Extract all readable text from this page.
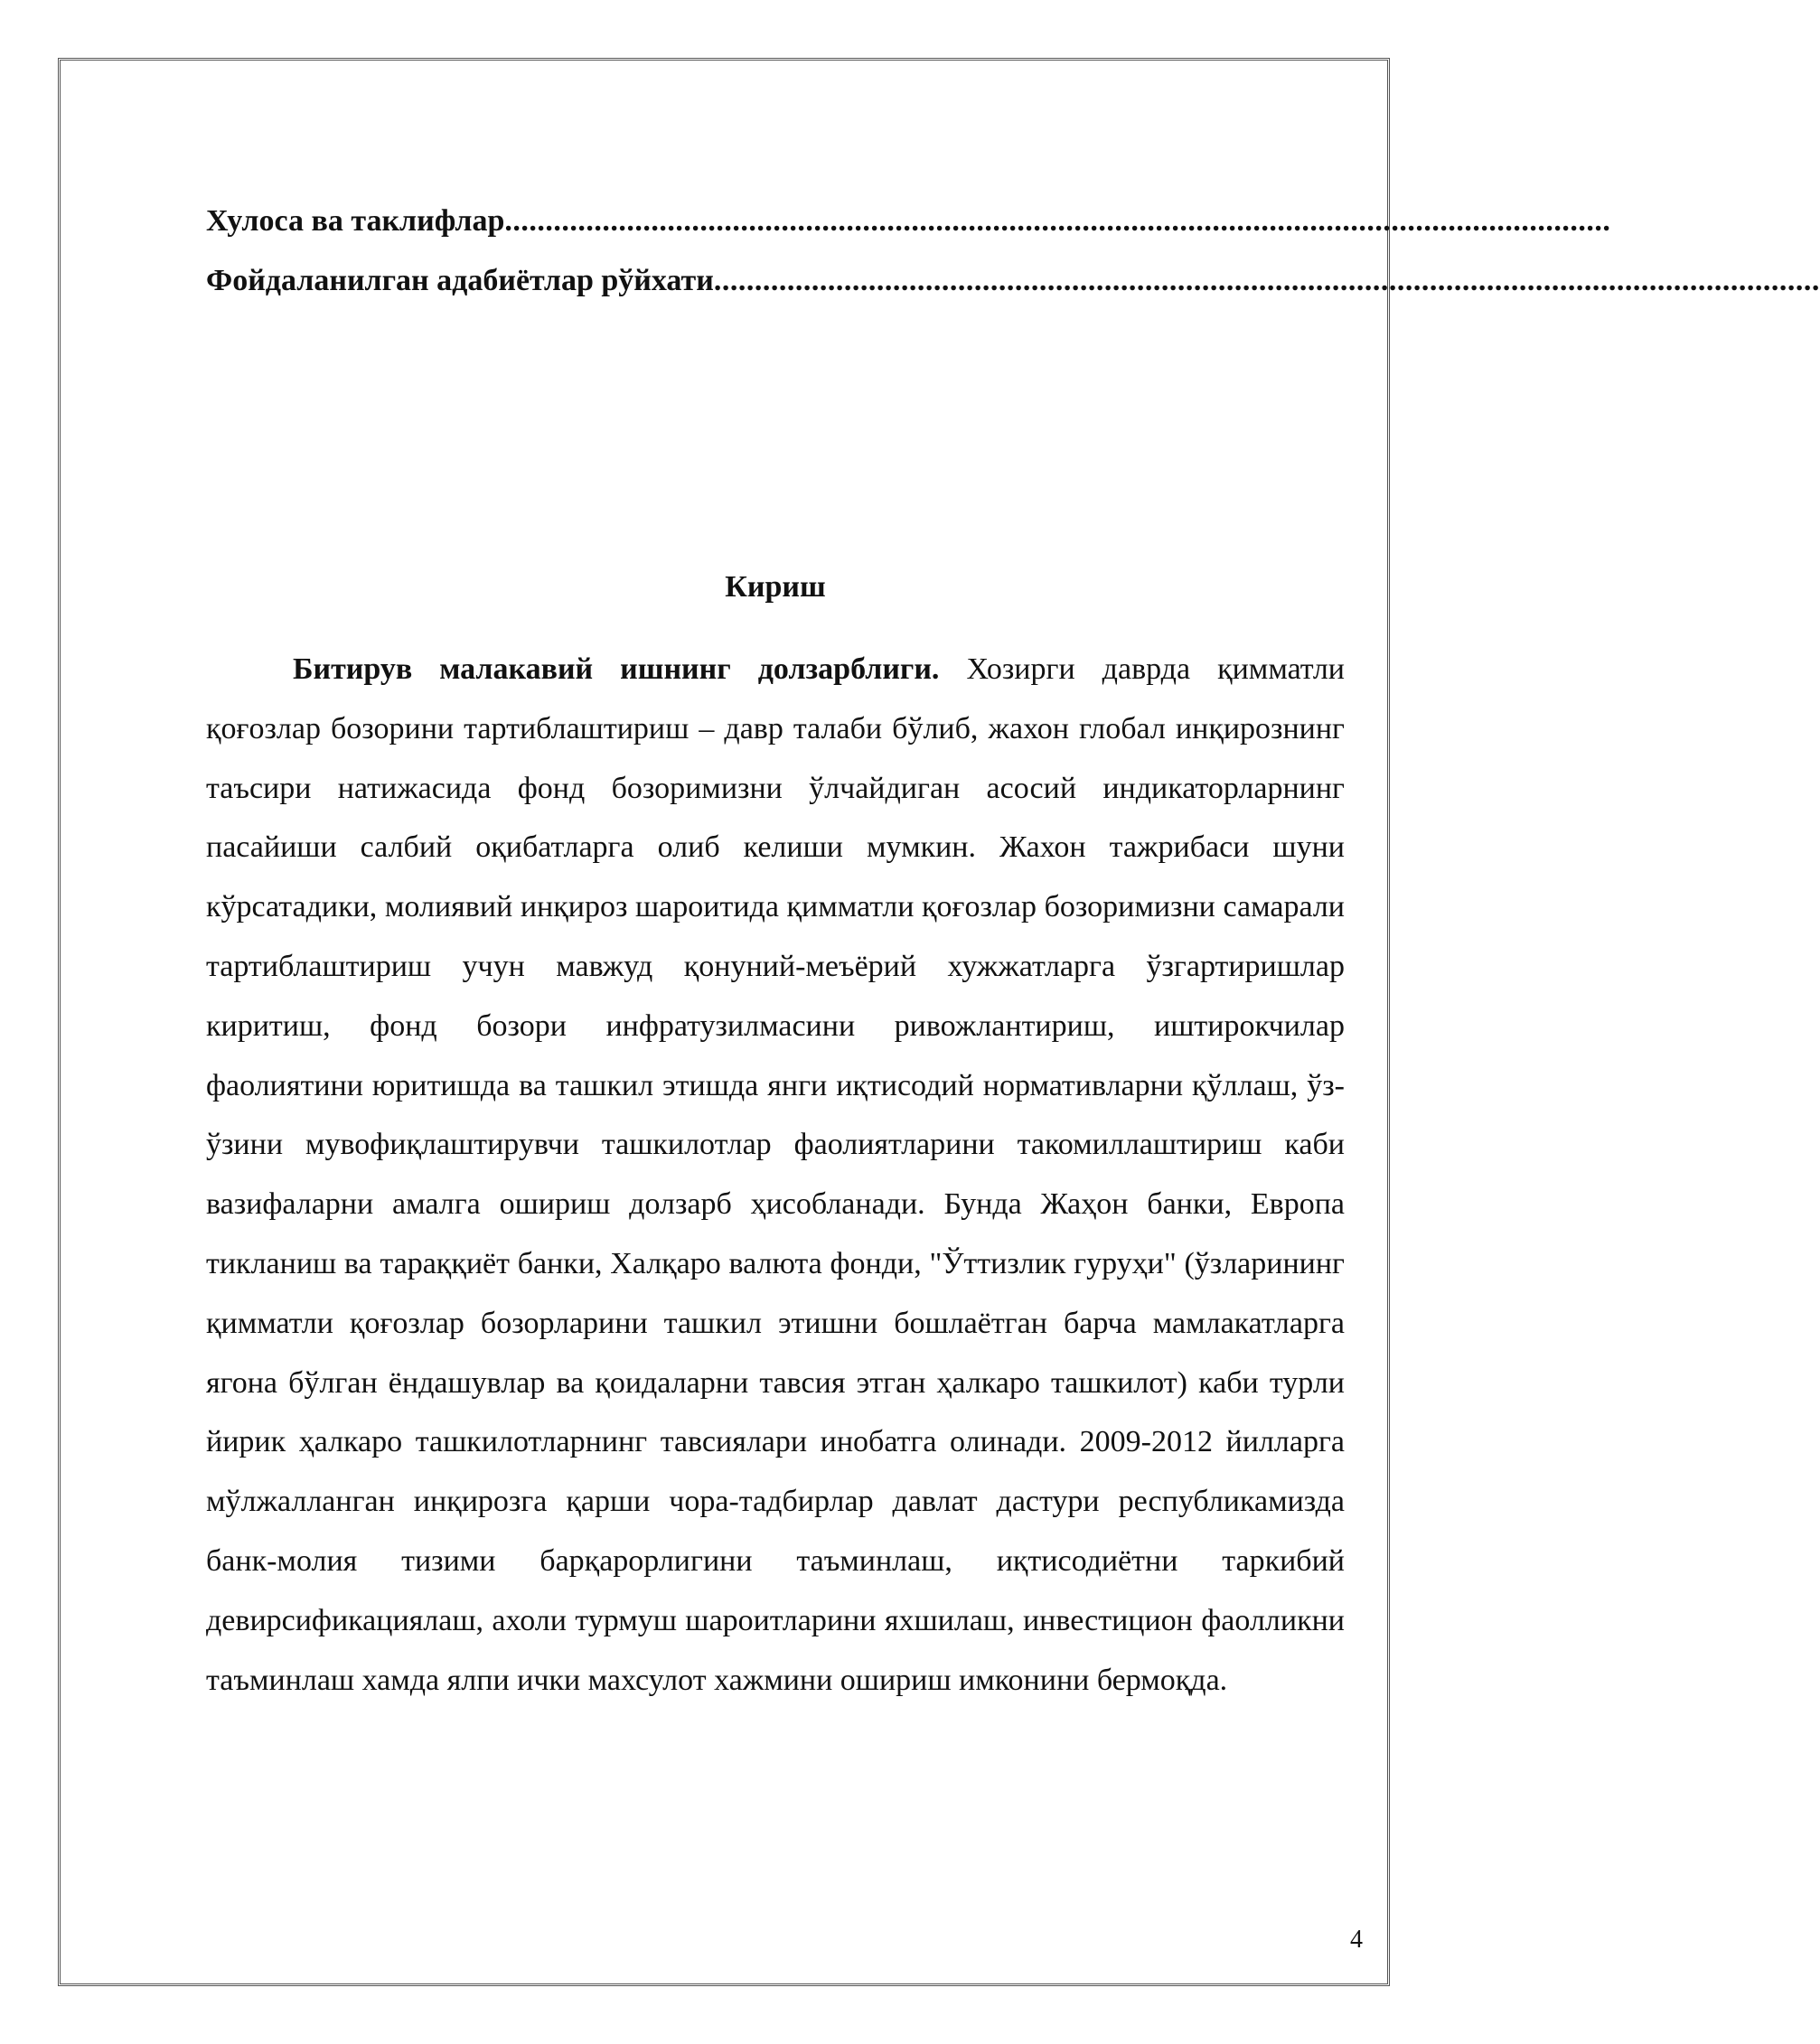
Хулоса ва таклифлар ........................................................................................................................................
Фойдаланилган адабиётлар рўйхати ........................................................................................................................................
Кириш

Битирув малакавий ишнинг долзарблиги. Хозирги даврда қимматли қоғозлар бозорини тартиблаштириш – давр талаби бўлиб, жахон глобал инқирознинг таъсири натижасида фонд бозоримизни ўлчайдиган асосий индикаторларнинг пасайиши салбий оқибатларга олиб келиши мумкин. Жахон тажрибаси шуни кўрсатадики, молиявий инқироз шароитида қимматли қоғозлар бозоримизни самарали тартиблаштириш учун мавжуд қонуний-меъёрий хужжатларга ўзгартиришлар киритиш, фонд бозори инфратузилмасини ривожлантириш, иштирокчилар фаолиятини юритишда ва ташкил этишда янги иқтисодий нормативларни қўллаш, ўз-ўзини мувофиқлаштирувчи ташкилотлар фаолиятларини такомиллаштириш каби вазифаларни амалга ошириш долзарб ҳисобланади. Бунда Жаҳон банки, Европа тикланиш ва тараққиёт банки, Халқаро валюта фонди, "Ўттизлик гуруҳи" (ўзларининг қимматли қоғозлар бозорларини ташкил этишни бошлаётган барча мамлакатларга ягона бўлган ёндашувлар ва қоидаларни тавсия этган ҳалкаро ташкилот) каби турли йирик ҳалкаро ташкилотларнинг тавсиялари инобатга олинади. 2009-2012 йилларга мўлжалланган инқирозга қарши чора-тадбирлар давлат дастури республикамизда банк-молия тизими барқарорлигини таъминлаш, иқтисодиётни таркибий девирсификациялаш, ахоли турмуш шароитларини яхшилаш, инвестицион фаолликни таъминлаш хамда ялпи ички махсулот хажмини ошириш имконини бермоқда.

4
